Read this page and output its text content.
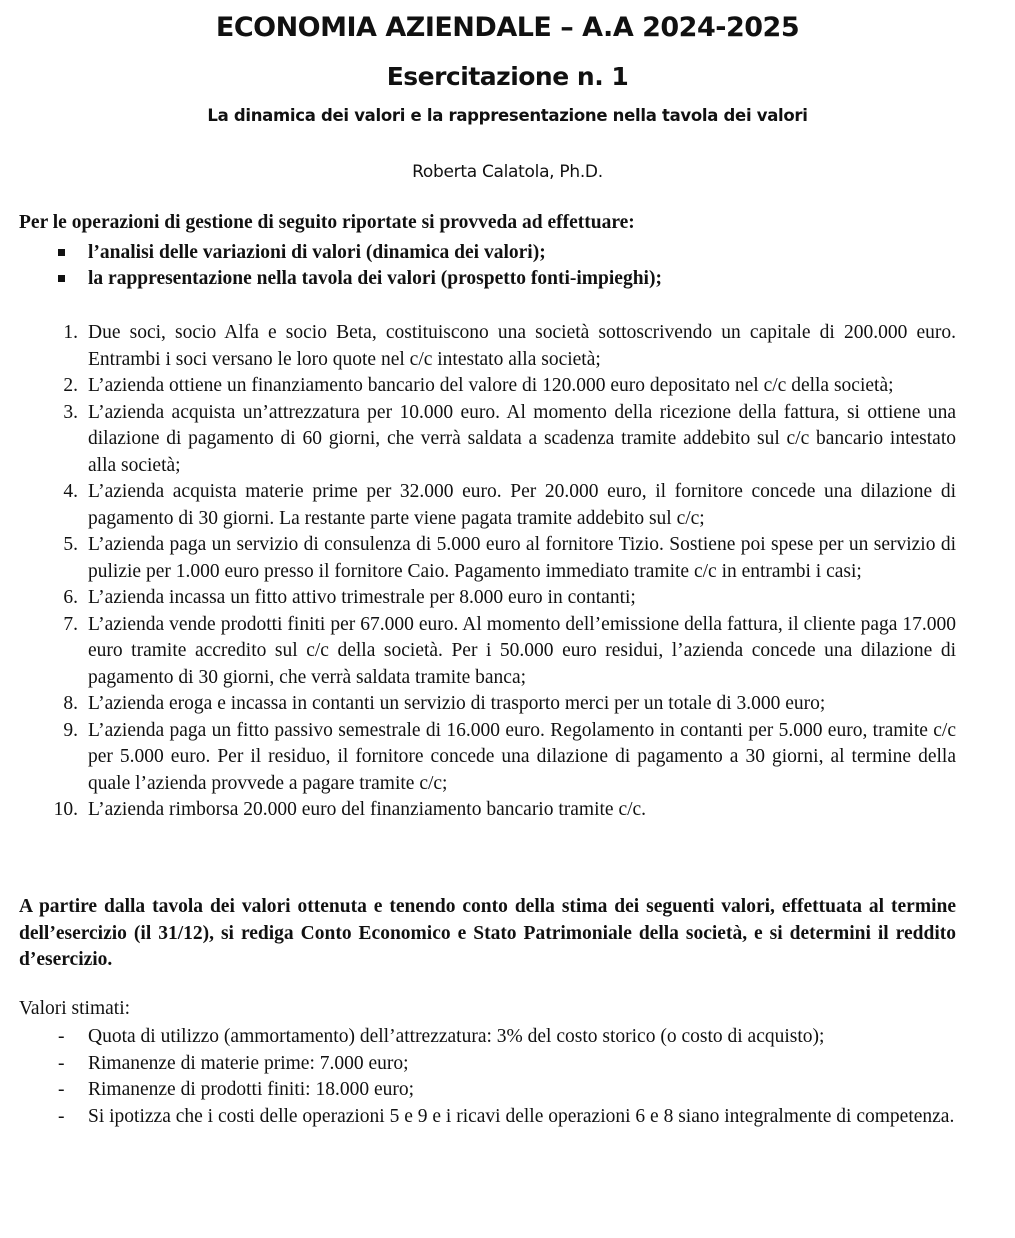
ECONOMIA AZIENDALE – A.A 2024-2025
Esercitazione n. 1
La dinamica dei valori e la rappresentazione nella tavola dei valori
Roberta Calatola, Ph.D.
Per le operazioni di gestione di seguito riportate si provveda ad effettuare:
l’analisi delle variazioni di valori (dinamica dei valori);
la rappresentazione nella tavola dei valori (prospetto fonti-impieghi);
1. Due soci, socio Alfa e socio Beta, costituiscono una società sottoscrivendo un capitale di 200.000 euro. Entrambi i soci versano le loro quote nel c/c intestato alla società;
2. L’azienda ottiene un finanziamento bancario del valore di 120.000 euro depositato nel c/c della società;
3. L’azienda acquista un’attrezzatura per 10.000 euro. Al momento della ricezione della fattura, si ottiene una dilazione di pagamento di 60 giorni, che verrà saldata a scadenza tramite addebito sul c/c bancario intestato alla società;
4. L’azienda acquista materie prime per 32.000 euro. Per 20.000 euro, il fornitore concede una dilazione di pagamento di 30 giorni. La restante parte viene pagata tramite addebito sul c/c;
5. L’azienda paga un servizio di consulenza di 5.000 euro al fornitore Tizio. Sostiene poi spese per un servizio di pulizie per 1.000 euro presso il fornitore Caio. Pagamento immediato tramite c/c in entrambi i casi;
6. L’azienda incassa un fitto attivo trimestrale per 8.000 euro in contanti;
7. L’azienda vende prodotti finiti per 67.000 euro. Al momento dell’emissione della fattura, il cliente paga 17.000 euro tramite accredito sul c/c della società. Per i 50.000 euro residui, l’azienda concede una dilazione di pagamento di 30 giorni, che verrà saldata tramite banca;
8. L’azienda eroga e incassa in contanti un servizio di trasporto merci per un totale di 3.000 euro;
9. L’azienda paga un fitto passivo semestrale di 16.000 euro. Regolamento in contanti per 5.000 euro, tramite c/c per 5.000 euro. Per il residuo, il fornitore concede una dilazione di pagamento a 30 giorni, al termine della quale l’azienda provvede a pagare tramite c/c;
10. L’azienda rimborsa 20.000 euro del finanziamento bancario tramite c/c.
A partire dalla tavola dei valori ottenuta e tenendo conto della stima dei seguenti valori, effettuata al termine dell’esercizio (il 31/12), si rediga Conto Economico e Stato Patrimoniale della società, e si determini il reddito d’esercizio.
Valori stimati:
- Quota di utilizzo (ammortamento) dell’attrezzatura: 3% del costo storico (o costo di acquisto);
- Rimanenze di materie prime: 7.000 euro;
- Rimanenze di prodotti finiti: 18.000 euro;
- Si ipotizza che i costi delle operazioni 5 e 9 e i ricavi delle operazioni 6 e 8 siano integralmente di competenza.
